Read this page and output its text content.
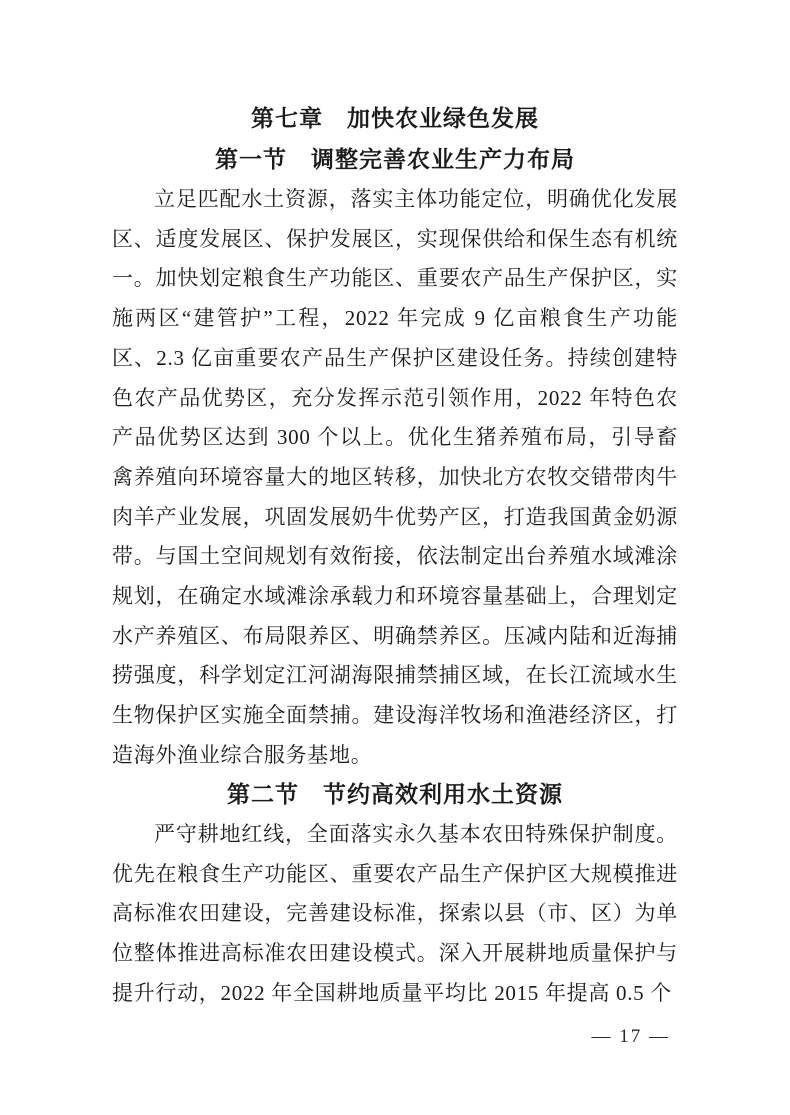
第七章　加快农业绿色发展
第一节　调整完善农业生产力布局
立足匹配水土资源，落实主体功能定位，明确优化发展区、适度发展区、保护发展区，实现保供给和保生态有机统一。加快划定粮食生产功能区、重要农产品生产保护区，实施两区“建管护”工程，2022 年完成 9 亿亩粮食生产功能区、2.3 亿亩重要农产品生产保护区建设任务。持续创建特色农产品优势区，充分发挥示范引领作用，2022 年特色农产品优势区达到 300 个以上。优化生猪养殖布局，引导畜禽养殖向环境容量大的地区转移，加快北方农牧交错带肉牛肉羊产业发展，巩固发展奶牛优势产区，打造我国黄金奶源带。与国土空间规划有效衔接，依法制定出台养殖水域滩涂规划，在确定水域滩涂承载力和环境容量基础上，合理划定水产养殖区、布局限养区、明确禁养区。压减内陆和近海捕捞强度，科学划定江河湖海限捕禁捕区域，在长江流域水生生物保护区实施全面禁捕。建设海洋牧场和渔港经济区，打造海外渔业综合服务基地。
第二节　节约高效利用水土资源
严守耕地红线，全面落实永久基本农田特殊保护制度。优先在粮食生产功能区、重要农产品生产保护区大规模推进高标准农田建设，完善建设标准，探索以县（市、区）为单位整体推进高标准农田建设模式。深入开展耕地质量保护与提升行动，2022 年全国耕地质量平均比 2015 年提高 0.5 个
— 17 —
